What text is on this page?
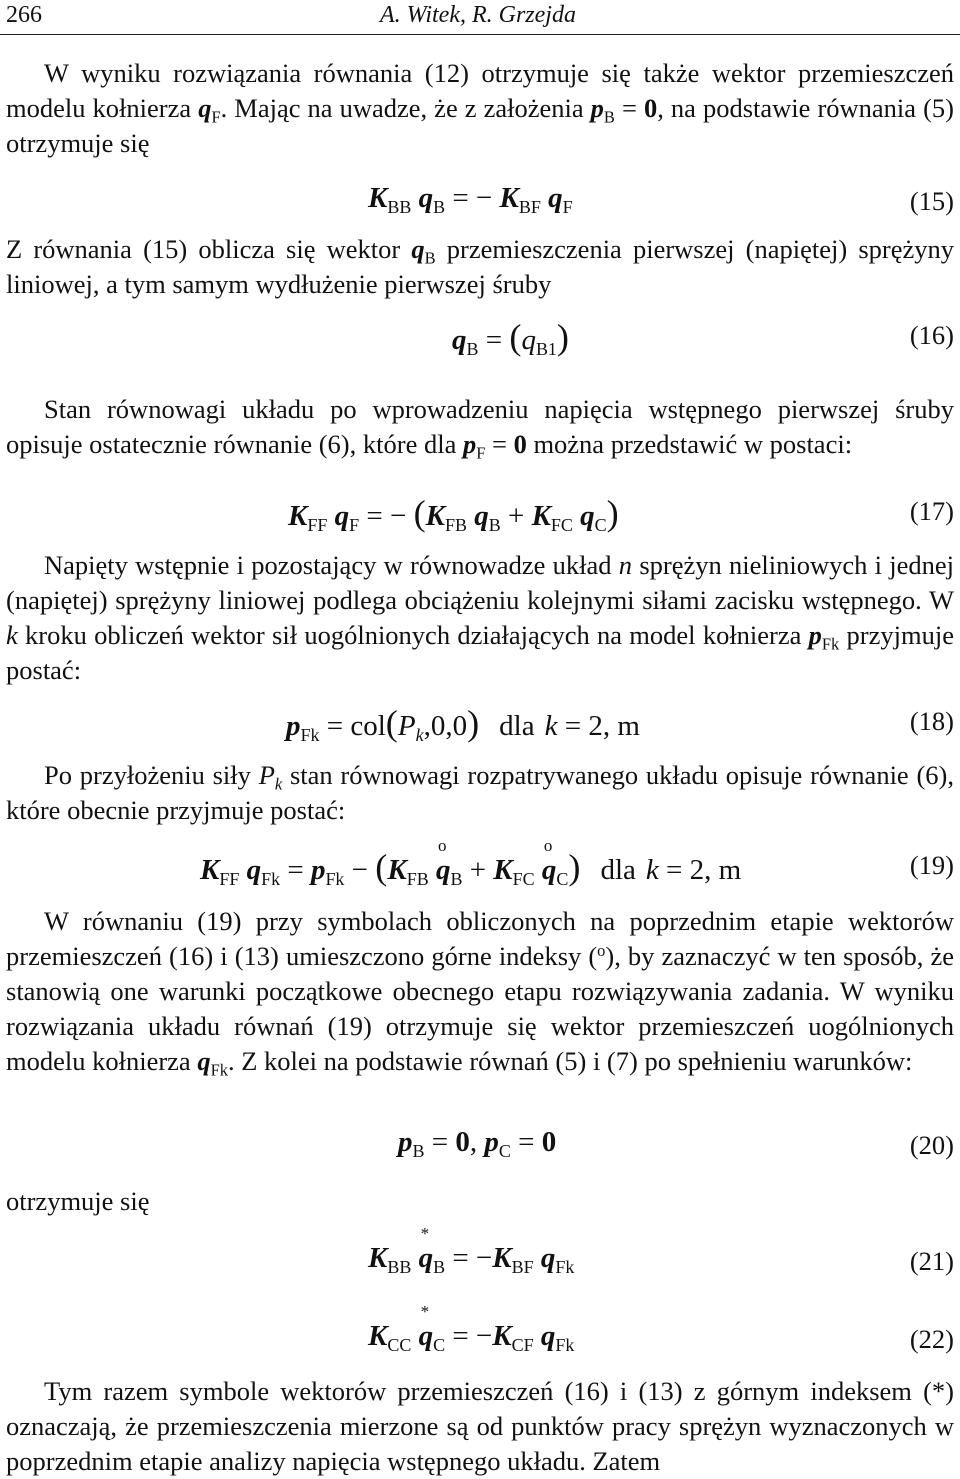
266	A. Witek, R. Grzejda
W wyniku rozwiązania równania (12) otrzymuje się także wektor przemieszczeń modelu kołnierza $q_F$. Mając na uwadze, że z założenia $p_B = 0$, na podstawie równania (5) otrzymuje się
$K_{BB}$ $q_B$ = − $K_{BF}$ $q_F$	(15)
Z równania (15) oblicza się wektor $q_B$ przemieszczenia pierwszej (napiętej) sprężyny liniowej, a tym samym wydłużenie pierwszej śruby
$q_B = (q_{B1})$	(16)
Stan równowagi układu po wprowadzeniu napięcia wstępnego pierwszej śruby opisuje ostatecznie równanie (6), które dla $p_F = 0$ można przedstawić w postaci:
$K_{FF}$ $q_F$ = − ($K_{FB}$ $q_B + K_{FC}$ $q_C$)	(17)
Napięty wstępnie i pozostający w równowadze układ n sprężyn nieliniowych i jednej (napiętej) sprężyny liniowej podlega obciążeniu kolejnymi siłami zacisku wstępnego. W k kroku obliczeń wektor sił uogólnionych działających na model kołnierza $p_{Fk}$ przyjmuje postać:
$p_{Fk} = col(P_k,0,0)$ dla k = 2, m	(18)
Po przyłożeniu siły $P_k$ stan równowagi rozpatrywanego układu opisuje równanie (6), które obecnie przyjmuje postać:
$K_{FF}$ $q_{Fk} = p_{Fk} - (K_{FB}$ q
o
$_B + K_{FC}$ q
o
$_C$) dla k = 2, m	(19)
W równaniu (19) przy symbolach obliczonych na poprzednim etapie wektorów przemieszczeń (16) i (13) umieszczono górne indeksy ($^o$), by zaznaczyć w ten sposób, że stanowią one warunki początkowe obecnego etapu rozwiązywania zadania. W wyniku rozwiązania układu równań (19) otrzymuje się wektor przemieszczeń uogólnionych modelu kołnierza $q_{Fk}$. Z kolei na podstawie równań (5) i (7) po spełnieniu warunków:
$p_B = 0$, $p_C = 0$	(20)
otrzymuje się
$K_{BB}$ q
*
$_B = -K_{BF}$ $q_{Fk}$	(21)
$K_{CC}$ q
*
$_C = -K_{CF}$ $q_{Fk}$	(22)
Tym razem symbole wektorów przemieszczeń (16) i (13) z górnym indeksem (*) oznaczają, że przemieszczenia mierzone są od punktów pracy sprężyn wyznaczonych w poprzednim etapie analizy napięcia wstępnego układu. Zatem
